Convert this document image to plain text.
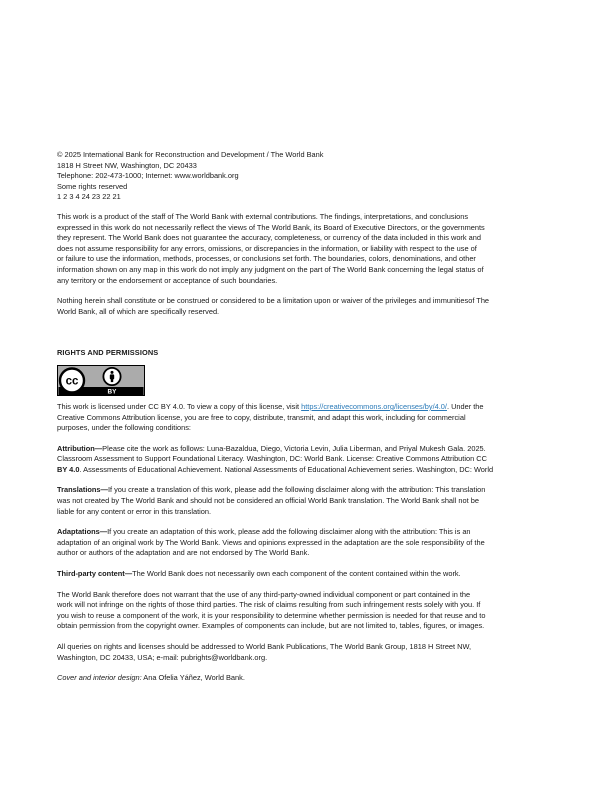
© 2025 International Bank for Reconstruction and Development / The World Bank
1818 H Street NW, Washington, DC 20433
Telephone: 202-473-1000; Internet: www.worldbank.org
Some rights reserved
1 2 3 4 24 23 22 21
This work is a product of the staff of The World Bank with external contributions. The findings, interpretations, and conclusions
expressed in this work do not necessarily reflect the views of The World Bank, its Board of Executive Directors, or the governments
they represent. The World Bank does not guarantee the accuracy, completeness, or currency of the data included in this work and
does not assume responsibility for any errors, omissions, or discrepancies in the information, or liability with respect to the use of
or failure to use the information, methods, processes, or conclusions set forth. The boundaries, colors, denominations, and other
information shown on any map in this work do not imply any judgment on the part of The World Bank concerning the legal status of
any territory or the endorsement or acceptance of such boundaries.
Nothing herein shall constitute or be construed or considered to be a limitation upon or waiver of the privileges and immunitiesof The
World Bank, all of which are specifically reserved.
RIGHTS AND PERMISSIONS
cc
BY
This work is licensed under CC BY 4.0. To view a copy of this license, visit https://creativecommons.org/licenses/by/4.0/. Under the
Creative Commons Attribution license, you are free to copy, distribute, transmit, and adapt this work, including for commercial
purposes, under the following conditions:
Attribution—Please cite the work as follows: Luna-Bazaldua, Diego, Victoria Levin, Julia Liberman, and Priyal Mukesh Gala. 2025.
Classroom Assessment to Support Foundational Literacy. Washington, DC: World Bank. License: Creative Commons Attribution CC
BY 4.0. Assessments of Educational Achievement. National Assessments of Educational Achievement series. Washington, DC: World
Translations—If you create a translation of this work, please add the following disclaimer along with the attribution: This translation
was not created by The World Bank and should not be considered an official World Bank translation. The World Bank shall not be
liable for any content or error in this translation.
Adaptations—If you create an adaptation of this work, please add the following disclaimer along with the attribution: This is an
adaptation of an original work by The World Bank. Views and opinions expressed in the adaptation are the sole responsibility of the
author or authors of the adaptation and are not endorsed by The World Bank.
Third-party content—The World Bank does not necessarily own each component of the content contained within the work.
The World Bank therefore does not warrant that the use of any third-party-owned individual component or part contained in the
work will not infringe on the rights of those third parties. The risk of claims resulting from such infringement rests solely with you. If
you wish to reuse a component of the work, it is your responsibility to determine whether permission is needed for that reuse and to
obtain permission from the copyright owner. Examples of components can include, but are not limited to, tables, figures, or images.
All queries on rights and licenses should be addressed to World Bank Publications, The World Bank Group, 1818 H Street NW,
Washington, DC 20433, USA; e-mail: pubrights@worldbank.org.
Cover and interior design: Ana Ofelia Yáñez, World Bank.
